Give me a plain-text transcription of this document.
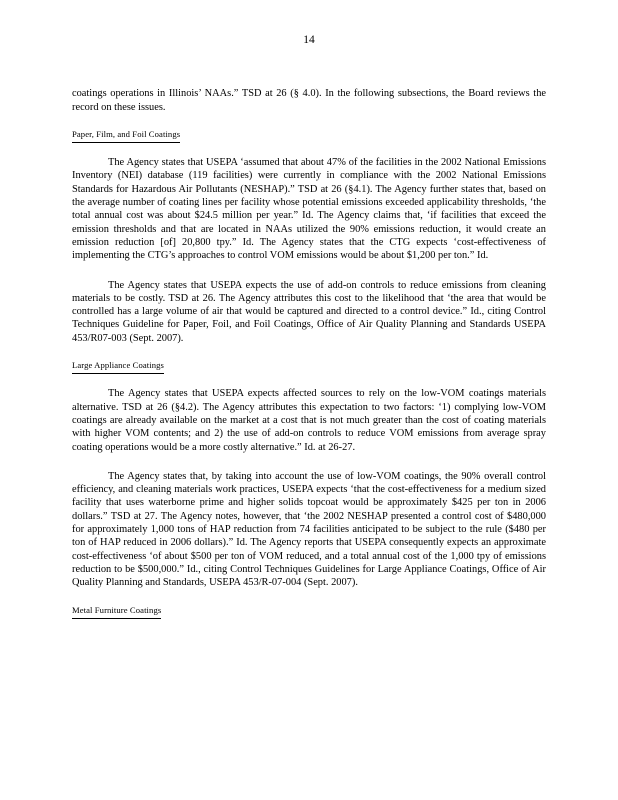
14

coatings operations in Illinois’ NAAs.” TSD at 26 (§ 4.0). In the following subsections, the Board reviews the record on these issues.

Paper, Film, and Foil Coatings

The Agency states that USEPA ‘assumed that about 47% of the facilities in the 2002 National Emissions Inventory (NEI) database (119 facilities) were currently in compliance with the 2002 National Emissions Standards for Hazardous Air Pollutants (NESHAP).” TSD at 26 (§4.1). The Agency further states that, based on the average number of coating lines per facility whose potential emissions exceeded applicability thresholds, ‘the total annual cost was about $24.5 million per year.” Id. The Agency claims that, ‘if facilities that exceed the emission thresholds and that are located in NAAs utilized the 90% emissions reduction, it would create an emission reduction [of] 20,800 tpy.” Id. The Agency states that the CTG expects ‘cost-effectiveness of implementing the CTG’s approaches to control VOM emissions would be about $1,200 per ton.” Id.

The Agency states that USEPA expects the use of add-on controls to reduce emissions from cleaning materials to be costly. TSD at 26. The Agency attributes this cost to the likelihood that ‘the area that would be controlled has a large volume of air that would be captured and directed to a control device.” Id., citing Control Techniques Guideline for Paper, Foil, and Foil Coatings, Office of Air Quality Planning and Standards USEPA 453/R07-003 (Sept. 2007).

Large Appliance Coatings

The Agency states that USEPA expects affected sources to rely on the low-VOM coatings materials alternative. TSD at 26 (§4.2). The Agency attributes this expectation to two factors: ‘1) complying low-VOM coatings are already available on the market at a cost that is not much greater than the cost of coating materials with higher VOM contents; and 2) the use of add-on controls to reduce VOM emissions from average spray coating operations would be a more costly alternative.” Id. at 26-27.

The Agency states that, by taking into account the use of low-VOM coatings, the 90% overall control efficiency, and cleaning materials work practices, USEPA expects ‘that the cost-effectiveness for a medium sized facility that uses waterborne prime and higher solids topcoat would be approximately $425 per ton in 2006 dollars.” TSD at 27. The Agency notes, however, that ‘the 2002 NESHAP presented a control cost of $480,000 for approximately 1,000 tons of HAP reduction from 74 facilities anticipated to be subject to the rule ($480 per ton of HAP reduced in 2006 dollars).” Id. The Agency reports that USEPA consequently expects an approximate cost-effectiveness ‘of about $500 per ton of VOM reduced, and a total annual cost of the 1,000 tpy of emissions reduction to be $500,000.” Id., citing Control Techniques Guidelines for Large Appliance Coatings, Office of Air Quality Planning and Standards, USEPA 453/R-07-004 (Sept. 2007).

Metal Furniture Coatings
